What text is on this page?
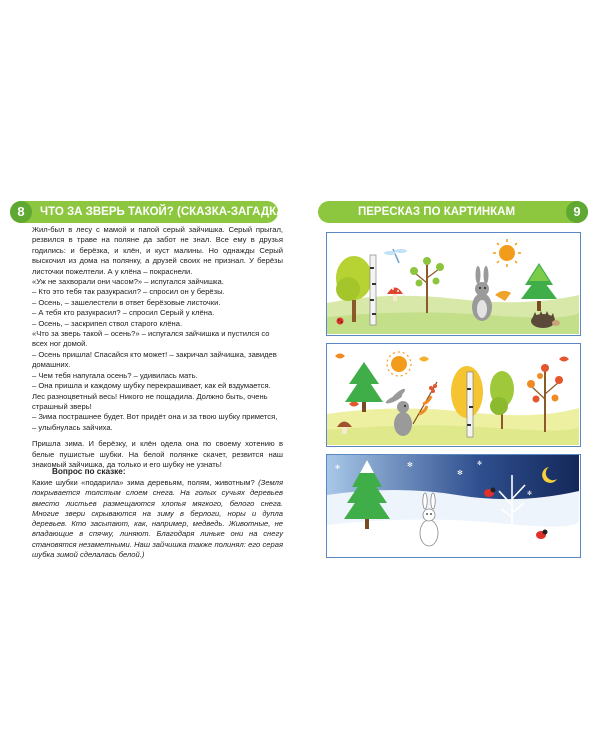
8	ЧТО ЗА ЗВЕРЬ ТАКОЙ? (СКАЗКА-ЗАГАДКА)

Жил-был в лесу с мамой и папой серый зайчишка. Серый прыгал, резвился в траве на поляне да забот не знал. Все ему в друзья годились: и берёзка, и клён, и куст малины. Но однажды Серый выскочил из дома на полянку, а друзей своих не признал. У берёзы листочки пожелтели. А у клёна – покраснели.

«Уж не захворали они часом?» – испугался зайчишка.

– Кто это тебя так разукрасил? – спросил он у берёзы.

– Осень, – зашелестели в ответ берёзовые листочки.

– А тебя кто разукрасил? – спросил Серый у клёна.

– Осень, – заскрипел ствол старого клёна.

«Что за зверь такой – осень?» – испугался зайчишка и пустился со всех ног домой.

– Осень пришла! Спасайся кто может! – закричал зайчишка, завидев домашних.

– Чем тебя напугала осень? – удивилась мать.

– Она пришла и каждому шубку перекрашивает, как ей вздумается. Лес разноцветный весь! Никого не пощадила. Должно быть, очень страшный зверь!

– Зима пострашнее будет. Вот придёт она и за твою шубку примется, – улыбнулась зайчиха.

Пришла зима. И берёзку, и клён одела она по своему хотению в белые пушистые шубки. На белой полянке скачет, резвится наш знакомый зайчишка, да только и его шубку не узнать!

Вопрос по сказке:
Какие шубки «подарила» зима деревьям, полям, животным? (Земля покрывается толстым слоем снега. На голых сучьях деревьев вместо листьев размещаются хлопья мягкого, белого снега. Многие звери скрываются на зиму в берлоги, норы и дупла деревьев. Кто засыпают, как, например, медведь. Животные, не впадающие в спячку, линяют. Благодаря линьке они на снегу становятся незаметными. Наш зайчишка также полинял: его серая шубка зимой сделалась белой.)
ПЕРЕСКАЗ ПО КАРТИНКАМ	9
✻
✻
✻
✻
✻
